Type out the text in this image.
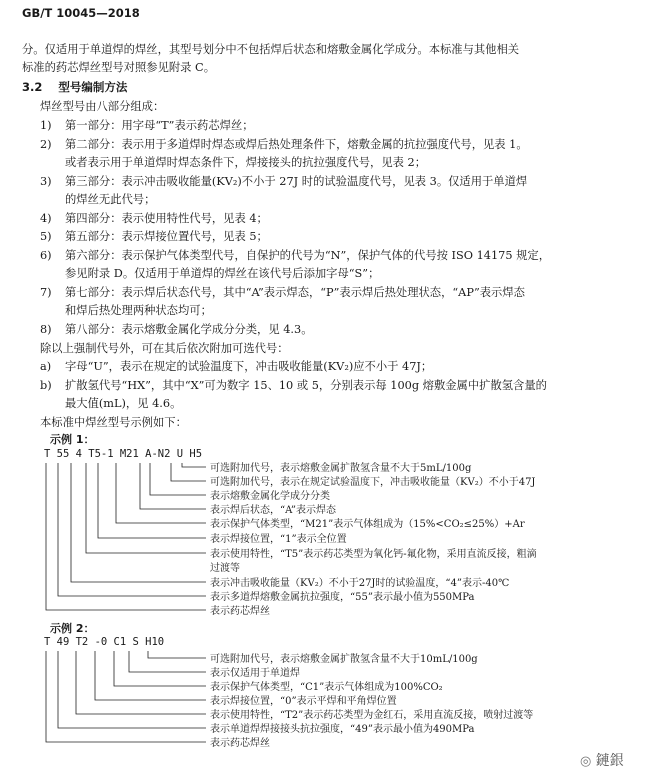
GB/T 10045—2018
分。仅适用于单道焊的焊丝，其型号划分中不包括焊后状态和熔敷金属化学成分。本标准与其他相关
标准的药芯焊丝型号对照参见附录 C。
3.2 型号编制方法
焊丝型号由八部分组成：
1) 第一部分：用字母“T”表示药芯焊丝；
2) 第二部分：表示用于多道焊时焊态或焊后热处理条件下，熔敷金属的抗拉强度代号，见表 1。
或者表示用于单道焊时焊态条件下，焊接接头的抗拉强度代号，见表 2；
3) 第三部分：表示冲击吸收能量(KV₂)不小于 27J 时的试验温度代号，见表 3。仅适用于单道焊
的焊丝无此代号；
4) 第四部分：表示使用特性代号，见表 4；
5) 第五部分：表示焊接位置代号，见表 5；
6) 第六部分：表示保护气体类型代号，自保护的代号为“N”，保护气体的代号按 ISO 14175 规定，
参见附录 D。仅适用于单道焊的焊丝在该代号后添加字母“S”；
7) 第七部分：表示焊后状态代号，其中“A”表示焊态，“P”表示焊后热处理状态，“AP”表示焊态
和焊后热处理两种状态均可；
8) 第八部分：表示熔敷金属化学成分分类，见 4.3。
除以上强制代号外，可在其后依次附加可选代号：
a) 字母“U”，表示在规定的试验温度下，冲击吸收能量(KV₂)应不小于 47J；
b) 扩散氢代号“HX”，其中“X”可为数字 15、10 或 5，分别表示每 100g 熔敷金属中扩散氢含量的
最大值(mL)，见 4.6。
本标准中焊丝型号示例如下：
示例 1：
T 55 4 T5-1 M21 A-N2 U H5
可选附加代号，表示熔敷金属扩散氢含量不大于5mL/100g
可选附加代号，表示在规定试验温度下，冲击吸收能量（KV₂）不小于47J
表示熔敷金属化学成分分类
表示焊后状态，“A”表示焊态
表示保护气体类型，“M21”表示气体组成为（15%<CO₂≤25%）+Ar
表示焊接位置，“1”表示全位置
表示使用特性，“T5”表示药芯类型为氧化钙-氟化物，采用直流反接，粗滴
过渡等
表示冲击吸收能量（KV₂）不小于27J时的试验温度，“4”表示-40℃
表示多道焊熔敷金属抗拉强度，“55”表示最小值为550MPa
表示药芯焊丝
示例 2：
T 49 T2 -0 C1 S H10
可选附加代号，表示熔敷金属扩散氢含量不大于10mL/100g
表示仅适用于单道焊
表示保护气体类型，“C1”表示气体组成为100%CO₂
表示焊接位置，“0”表示平焊和平角焊位置
表示使用特性，“T2”表示药芯类型为金红石，采用直流反接，喷射过渡等
表示单道焊焊接接头抗拉强度，“49”表示最小值为490MPa
表示药芯焊丝
◎ 鏈銀
